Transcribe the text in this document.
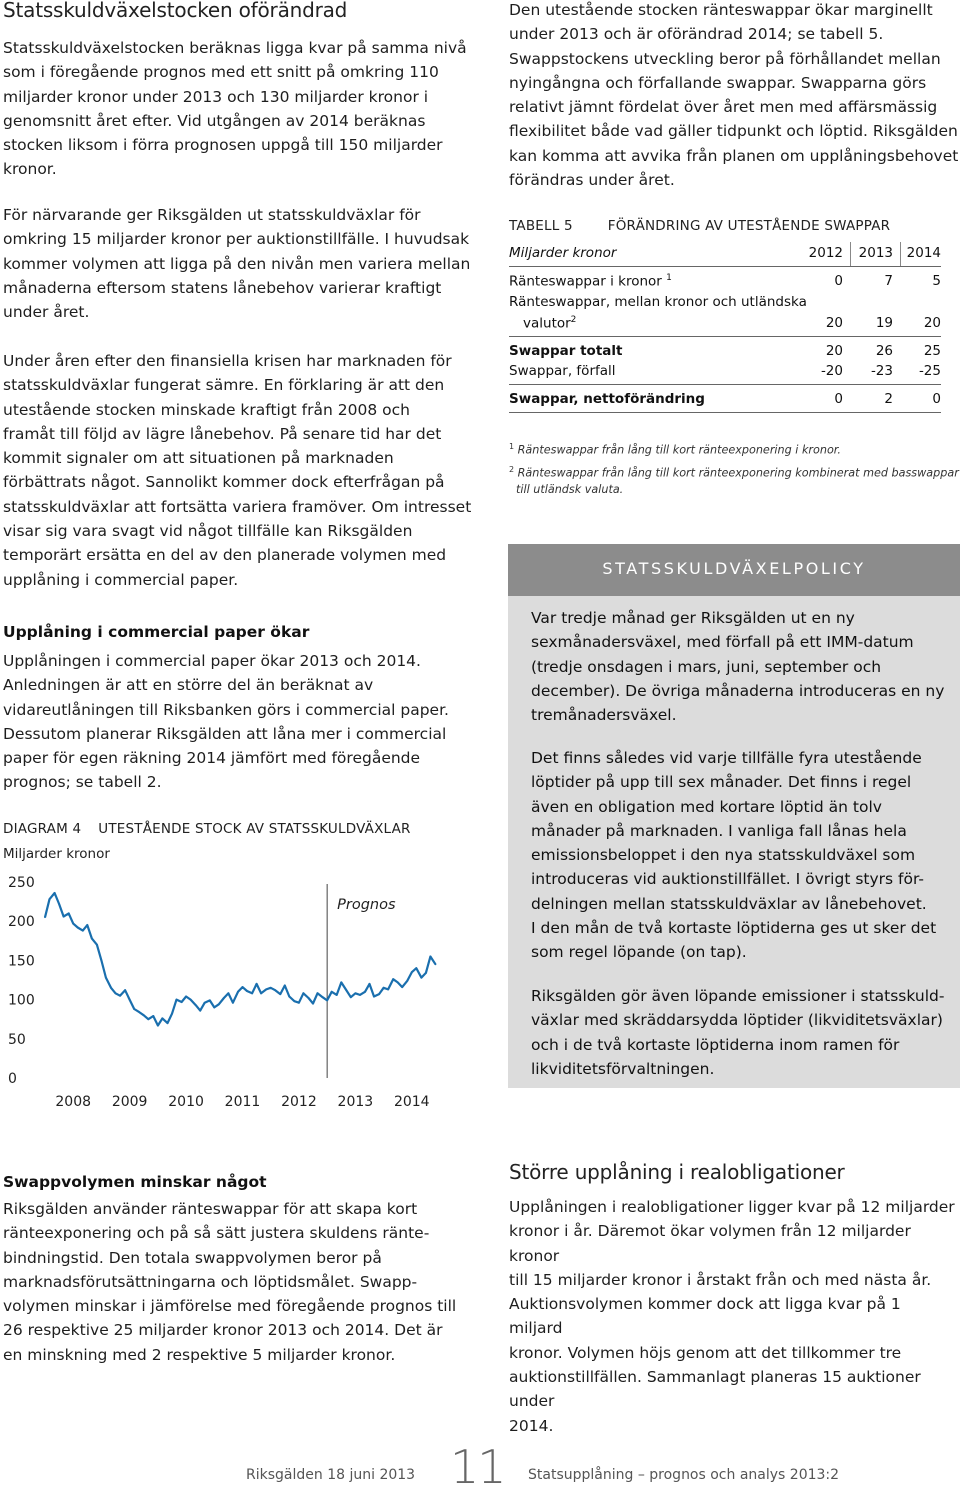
Statsskuldväxelstocken oförändrad
Statsskuldväxelstocken beräknas ligga kvar på samma nivå
som i föregående prognos med ett snitt på omkring 110
miljarder kronor under 2013 och 130 miljarder kronor i
genomsnitt året efter. Vid utgången av 2014 beräknas
stocken liksom i förra prognosen uppgå till 150 miljarder
kronor.
För närvarande ger Riksgälden ut statsskuldväxlar för
omkring 15 miljarder kronor per auktionstillfälle. I huvudsak
kommer volymen att ligga på den nivån men variera mellan
månaderna eftersom statens lånebehov varierar kraftigt
under året.
Under åren efter den finansiella krisen har marknaden för
statsskuldväxlar fungerat sämre. En förklaring är att den
utestående stocken minskade kraftigt från 2008 och
framåt till följd av lägre lånebehov. På senare tid har det
kommit signaler om att situationen på marknaden
förbättrats något. Sannolikt kommer dock efterfrågan på
statsskuldväxlar att fortsätta variera framöver. Om intresset
visar sig vara svagt vid något tillfälle kan Riksgälden
temporärt ersätta en del av den planerade volymen med
upplåning i commercial paper.
Upplåning i commercial paper ökar
Upplåningen i commercial paper ökar 2013 och 2014.
Anledningen är att en större del än beräknat av
vidareutlåningen till Riksbanken görs i commercial paper.
Dessutom planerar Riksgälden att låna mer i commercial
paper för egen räkning 2014 jämfört med föregående
prognos; se tabell 2.
DIAGRAM 4 UTESTÅENDE STOCK AV STATSSKULDVÄXLAR
Miljarder kronor
250
200
150
100
50
0
2008 2009 2010 2011 2012 2013 2014
Prognos
Swappvolymen minskar något
Riksgälden använder ränteswappar för att skapa kort
ränteexponering och på så sätt justera skuldens ränte-
bindningstid. Den totala swappvolymen beror på
marknadsförutsättningarna och löptidsmålet. Swapp-
volymen minskar i jämförelse med föregående prognos till
26 respektive 25 miljarder kronor 2013 och 2014. Det är
en minskning med 2 respektive 5 miljarder kronor.
Den utestående stocken ränteswappar ökar marginellt
under 2013 och är oförändrad 2014; se tabell 5.
Swappstockens utveckling beror på förhållandet mellan
nyingångna och förfallande swappar. Swapparna görs
relativt jämnt fördelat över året men med affärsmässig
flexibilitet både vad gäller tidpunkt och löptid. Riksgälden
kan komma att avvika från planen om upplåningsbehovet
förändras under året.
TABELL 5	FÖRÄNDRING AV UTESTÅENDE SWAPPAR
Miljarder kronor	2012	2013	2014
Ränteswappar i kronor $^1$	0	7	5
Ränteswappar, mellan kronor och utländska
valutor$^2$	20	19	20
Swappar totalt	20	26	25
Swappar, förfall	-20	-23	-25
Swappar, nettoförändring	0	2	0
$^1$ Ränteswappar från lång till kort ränteexponering i kronor.
$^2$ Ränteswappar från lång till kort ränteexponering kombinerat med basswappar
till utländsk valuta.
STATSSKULDVÄXELPOLICY
Var tredje månad ger Riksgälden ut en ny
sexmånadersväxel, med förfall på ett IMM-datum
(tredje onsdagen i mars, juni, september och
december). De övriga månaderna introduceras en ny
tremånadersväxel.
Det finns således vid varje tillfälle fyra utestående
löptider på upp till sex månader. Det finns i regel
även en obligation med kortare löptid än tolv
månader på marknaden. I vanliga fall lånas hela
emissionsbeloppet i den nya statsskuldväxel som
introduceras vid auktionstillfället. I övrigt styrs för-
delningen mellan statsskuldväxlar av lånebehovet.
I den mån de två kortaste löptiderna ges ut sker det
som regel löpande (on tap).
Riksgälden gör även löpande emissioner i statsskuld-
växlar med skräddarsydda löptider (likviditetsväxlar)
och i de två kortaste löptiderna inom ramen för
likviditetsförvaltningen.
Större upplåning i realobligationer
Upplåningen i realobligationer ligger kvar på 12 miljarder
kronor i år. Däremot ökar volymen från 12 miljarder kronor
till 15 miljarder kronor i årstakt från och med nästa år.
Auktionsvolymen kommer dock att ligga kvar på 1 miljard
kronor. Volymen höjs genom att det tillkommer tre
auktionstillfällen. Sammanlagt planeras 15 auktioner under
2014.
Riksgälden 18 juni 2013 11 Statsupplåning – prognos och analys 2013:2
